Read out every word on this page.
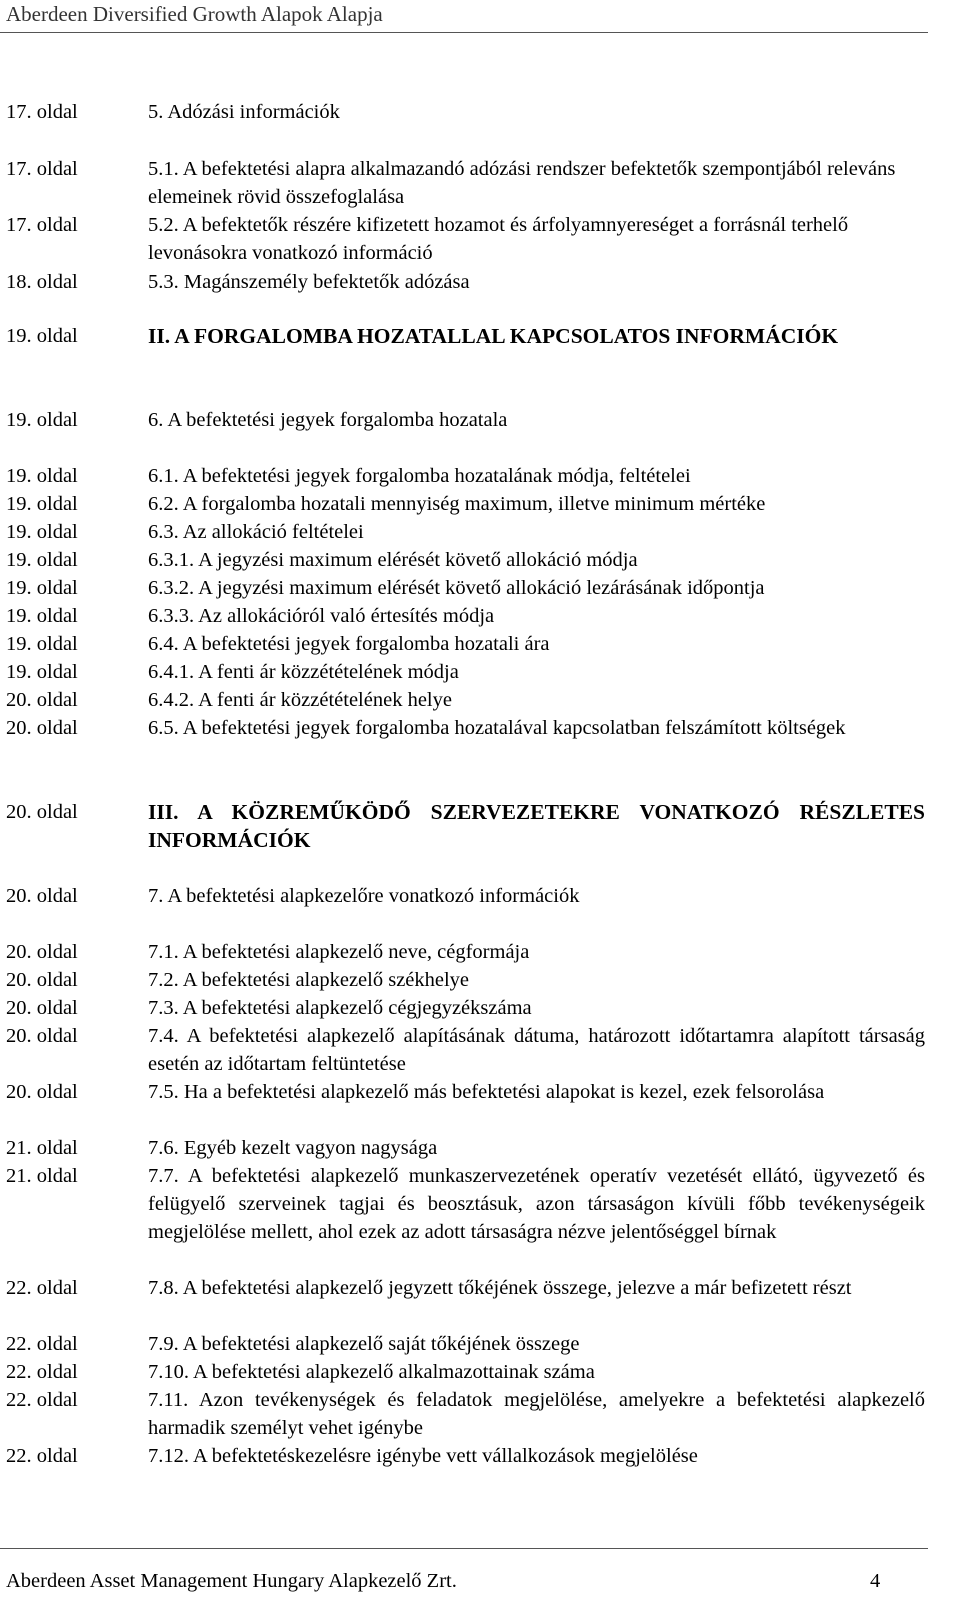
Aberdeen Diversified Growth Alapok Alapja
17. oldal	5. Adózási információk
17. oldal	5.1. A befektetési alapra alkalmazandó adózási rendszer befektetők szempontjából releváns elemeinek rövid összefoglalása
17. oldal	5.2. A befektetők részére kifizetett hozamot és árfolyamnyereséget a forrásnál terhelő levonásokra vonatkozó információ
18. oldal	5.3. Magánszemély befektetők adózása
19. oldal	II. A FORGALOMBA HOZATALLAL KAPCSOLATOS INFORMÁCIÓK
19. oldal	6. A befektetési jegyek forgalomba hozatala
19. oldal	6.1. A befektetési jegyek forgalomba hozatalának módja, feltételei
19. oldal	6.2. A forgalomba hozatali mennyiség maximum, illetve minimum mértéke
19. oldal	6.3. Az allokáció feltételei
19. oldal	6.3.1. A jegyzési maximum elérését követő allokáció módja
19. oldal	6.3.2. A jegyzési maximum elérését követő allokáció lezárásának időpontja
19. oldal	6.3.3. Az allokációról való értesítés módja
19. oldal	6.4. A befektetési jegyek forgalomba hozatali ára
19. oldal	6.4.1. A fenti ár közzétételének módja
20. oldal	6.4.2. A fenti ár közzétételének helye
20. oldal	6.5. A befektetési jegyek forgalomba hozatalával kapcsolatban felszámított költségek
20. oldal	III. A KÖZREMŰKÖDŐ SZERVEZETEKRE VONATKOZÓ RÉSZLETES INFORMÁCIÓK
20. oldal	7. A befektetési alapkezelőre vonatkozó információk
20. oldal	7.1. A befektetési alapkezelő neve, cégformája
20. oldal	7.2. A befektetési alapkezelő székhelye
20. oldal	7.3. A befektetési alapkezelő cégjegyzékszáma
20. oldal	7.4. A befektetési alapkezelő alapításának dátuma, határozott időtartamra alapított társaság esetén az időtartam feltüntetése
20. oldal	7.5. Ha a befektetési alapkezelő más befektetési alapokat is kezel, ezek felsorolása
21. oldal	7.6. Egyéb kezelt vagyon nagysága
21. oldal	7.7. A befektetési alapkezelő munkaszervezetének operatív vezetését ellátó, ügyvezető és felügyelő szerveinek tagjai és beosztásuk, azon társaságon kívüli főbb tevékenységeik megjelölése mellett, ahol ezek az adott társaságra nézve jelentőséggel bírnak
22. oldal	7.8. A befektetési alapkezelő jegyzett tőkéjének összege, jelezve a már befizetett részt
22. oldal	7.9. A befektetési alapkezelő saját tőkéjének összege
22. oldal	7.10. A befektetési alapkezelő alkalmazottainak száma
22. oldal	7.11. Azon tevékenységek és feladatok megjelölése, amelyekre a befektetési alapkezelő harmadik személyt vehet igénybe
22. oldal	7.12. A befektetéskezelésre igénybe vett vállalkozások megjelölése
Aberdeen Asset Management Hungary Alapkezelő Zrt.	4
